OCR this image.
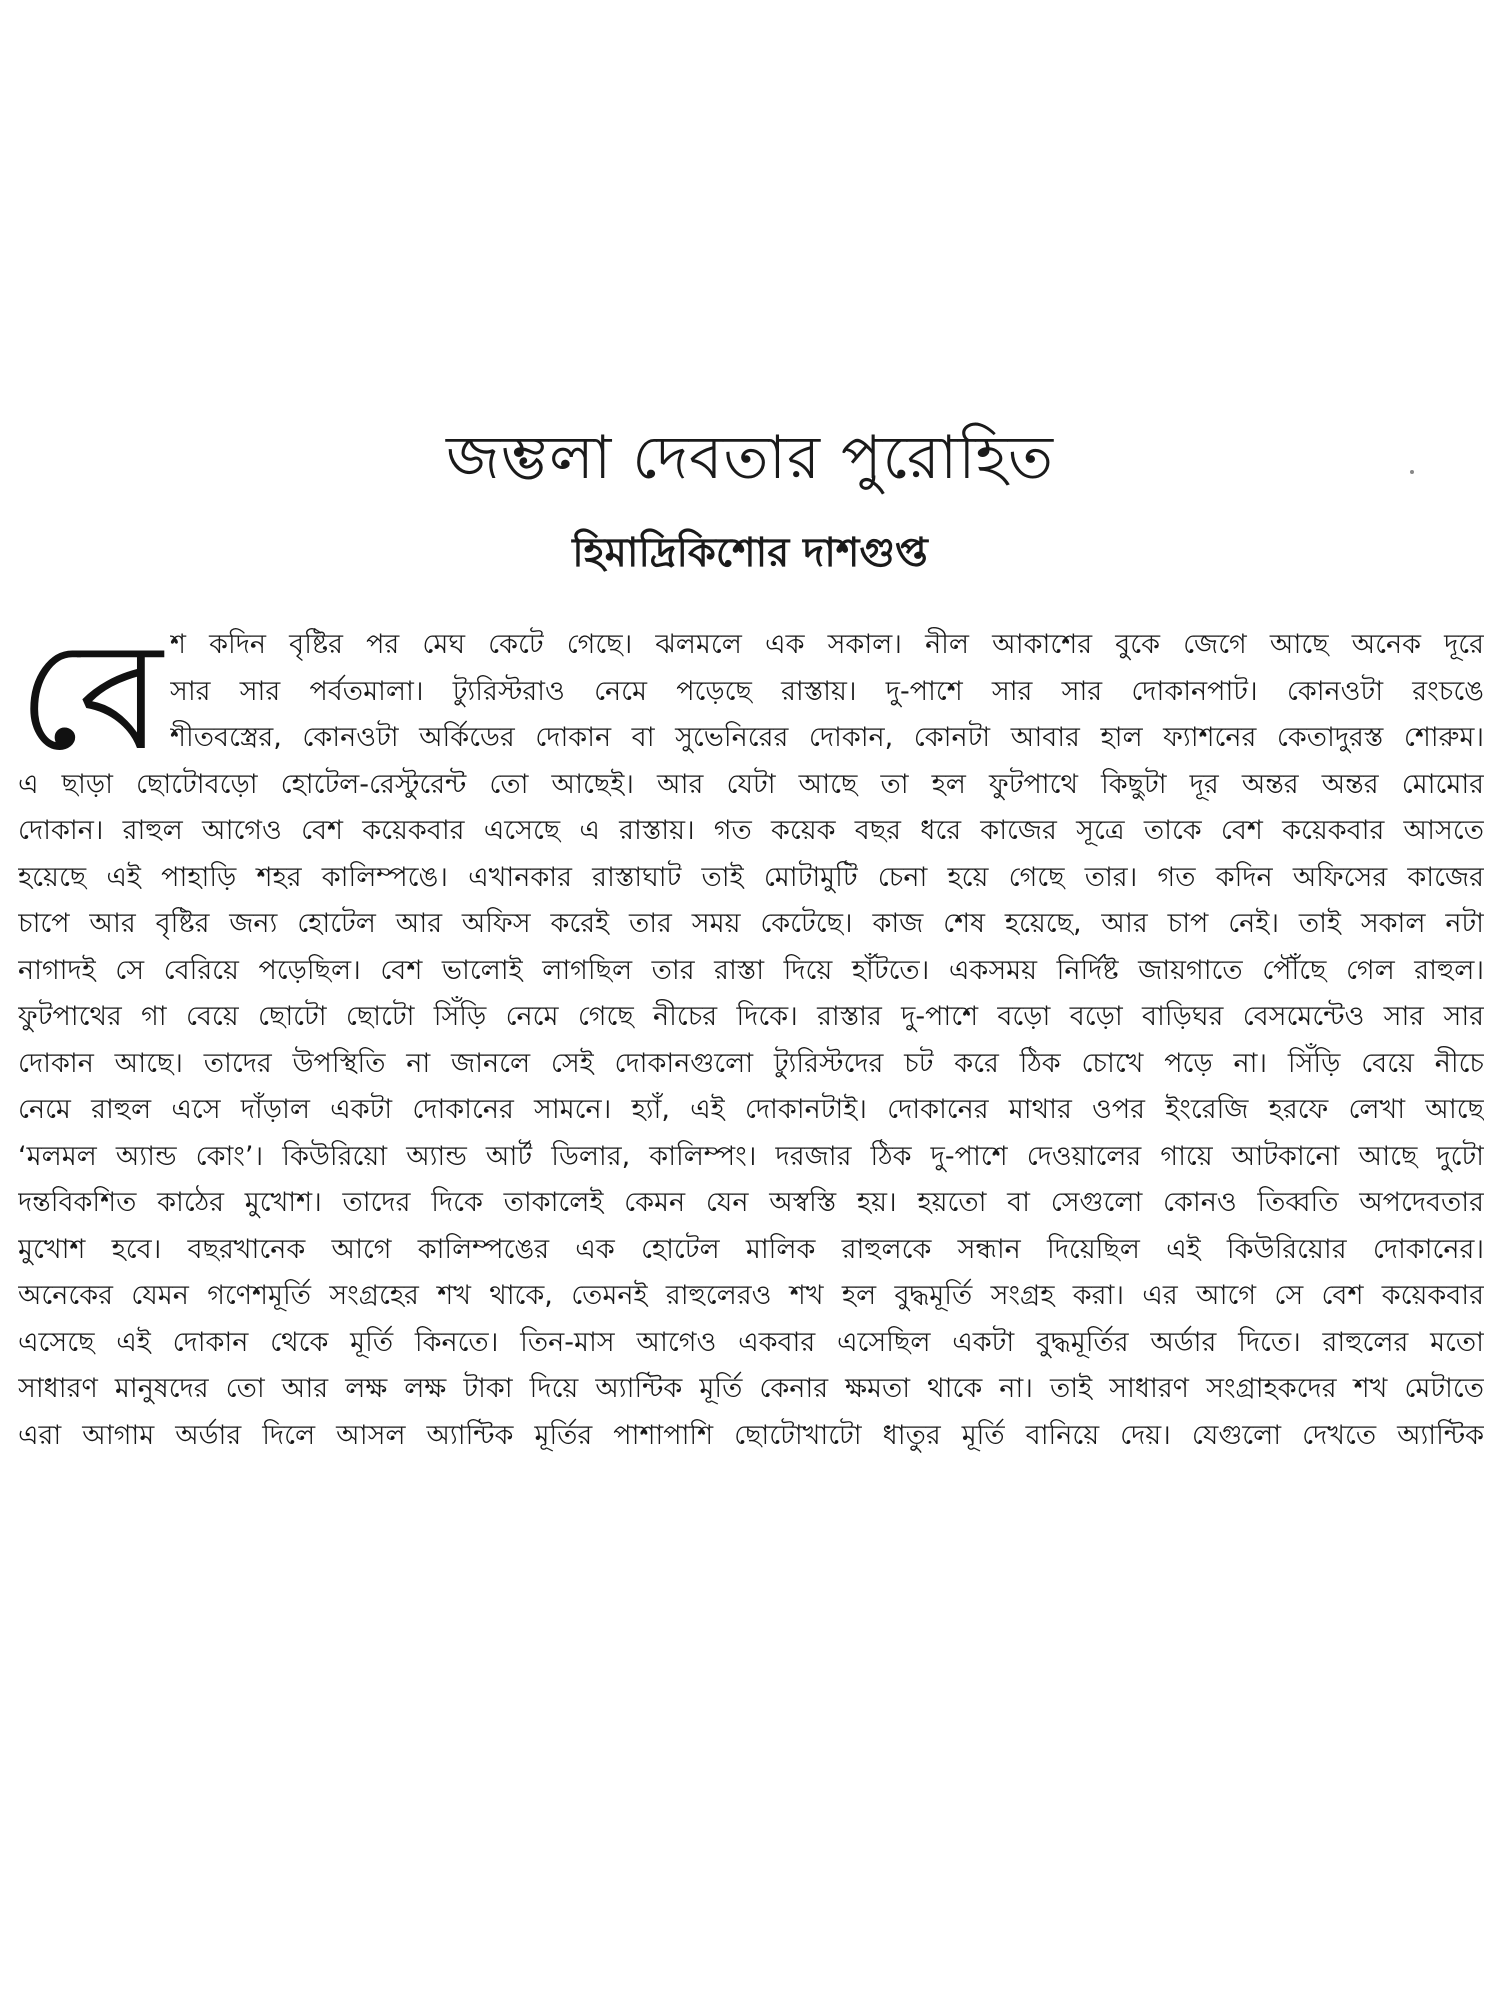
জম্ভলা দেবতার পুরোহিত
হিমাদ্রিকিশোর দাশগুপ্ত
বে শ কদিন বৃষ্টির পর মেঘ কেটে গেছে। ঝলমলে এক সকাল। নীল আকাশের বুকে জেগে আছে অনেক দূরে
সার সার পর্বতমালা। ট্যুরিস্টরাও নেমে পড়েছে রাস্তায়। দু-পাশে সার সার দোকানপাট। কোনওটা রংচঙে
শীতবস্ত্রের, কোনওটা অর্কিডের দোকান বা সুভেনিরের দোকান, কোনটা আবার হাল ফ্যাশনের কেতাদুরস্ত শোরুম।
এ ছাড়া ছোটোবড়ো হোটেল-রেস্টুরেন্ট তো আছেই। আর যেটা আছে তা হল ফুটপাথে কিছুটা দূর অন্তর অন্তর মোমোর
দোকান। রাহুল আগেও বেশ কয়েকবার এসেছে এ রাস্তায়। গত কয়েক বছর ধরে কাজের সূত্রে তাকে বেশ কয়েকবার আসতে
হয়েছে এই পাহাড়ি শহর কালিম্পঙে। এখানকার রাস্তাঘাট তাই মোটামুটি চেনা হয়ে গেছে তার। গত কদিন অফিসের কাজের
চাপে আর বৃষ্টির জন্য হোটেল আর অফিস করেই তার সময় কেটেছে। কাজ শেষ হয়েছে, আর চাপ নেই। তাই সকাল নটা
নাগাদই সে বেরিয়ে পড়েছিল। বেশ ভালোই লাগছিল তার রাস্তা দিয়ে হাঁটতে। একসময় নির্দিষ্ট জায়গাতে পৌঁছে গেল রাহুল।
ফুটপাথের গা বেয়ে ছোটো ছোটো সিঁড়ি নেমে গেছে নীচের দিকে। রাস্তার দু-পাশে বড়ো বড়ো বাড়িঘর বেসমেন্টেও সার সার
দোকান আছে। তাদের উপস্থিতি না জানলে সেই দোকানগুলো ট্যুরিস্টদের চট করে ঠিক চোখে পড়ে না। সিঁড়ি বেয়ে নীচে
নেমে রাহুল এসে দাঁড়াল একটা দোকানের সামনে। হ্যাঁ, এই দোকানটাই। দোকানের মাথার ওপর ইংরেজি হরফে লেখা আছে
‘মলমল অ্যান্ড কোং’। কিউরিয়ো অ্যান্ড আর্ট ডিলার, কালিম্পং। দরজার ঠিক দু-পাশে দেওয়ালের গায়ে আটকানো আছে দুটো
দন্তবিকশিত কাঠের মুখোশ। তাদের দিকে তাকালেই কেমন যেন অস্বস্তি হয়। হয়তো বা সেগুলো কোনও তিব্বতি অপদেবতার
মুখোশ হবে। বছরখানেক আগে কালিম্পঙের এক হোটেল মালিক রাহুলকে সন্ধান দিয়েছিল এই কিউরিয়োর দোকানের।
অনেকের যেমন গণেশমূর্তি সংগ্রহের শখ থাকে, তেমনই রাহুলেরও শখ হল বুদ্ধমূর্তি সংগ্রহ করা। এর আগে সে বেশ কয়েকবার
এসেছে এই দোকান থেকে মূর্তি কিনতে। তিন-মাস আগেও একবার এসেছিল একটা বুদ্ধমূর্তির অর্ডার দিতে। রাহুলের মতো
সাধারণ মানুষদের তো আর লক্ষ লক্ষ টাকা দিয়ে অ্যান্টিক মূর্তি কেনার ক্ষমতা থাকে না। তাই সাধারণ সংগ্রাহকদের শখ মেটাতে
এরা আগাম অর্ডার দিলে আসল অ্যান্টিক মূর্তির পাশাপাশি ছোটোখাটো ধাতুর মূর্তি বানিয়ে দেয়। যেগুলো দেখতে অ্যান্টিক
